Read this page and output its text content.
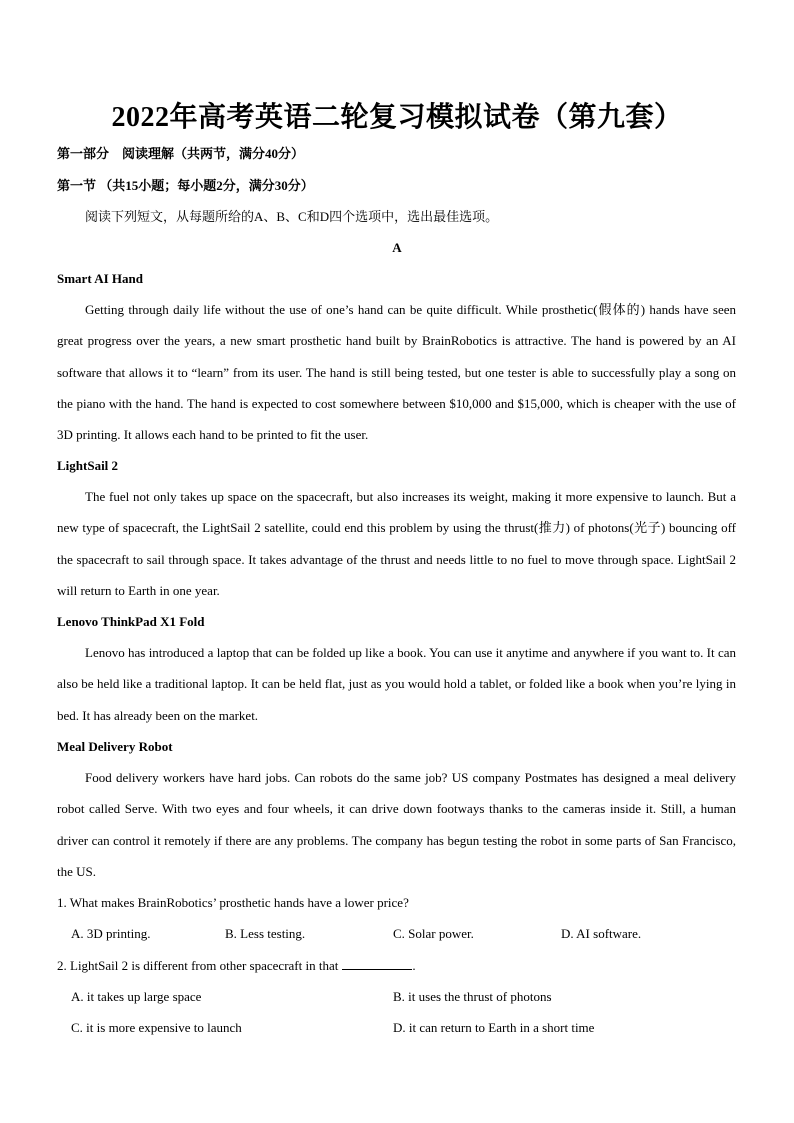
2022年高考英语二轮复习模拟试卷（第九套）
第一部分　阅读理解（共两节，满分40分）
第一节 （共15小题；每小题2分，满分30分）
阅读下列短文，从每题所给的A、B、C和D四个选项中，选出最佳选项。
A
Smart AI Hand

Getting through daily life without the use of one’s hand can be quite difficult. While prosthetic(假体的) hands have seen great progress over the years, a new smart prosthetic hand built by BrainRobotics is attractive. The hand is powered by an AI software that allows it to “learn” from its user. The hand is still being tested, but one tester is able to successfully play a song on the piano with the hand. The hand is expected to cost somewhere between $10,000 and $15,000, which is cheaper with the use of 3D printing. It allows each hand to be printed to fit the user.

LightSail 2

The fuel not only takes up space on the spacecraft, but also increases its weight, making it more expensive to launch. But a new type of spacecraft, the LightSail 2 satellite, could end this problem by using the thrust(推力) of photons(光子) bouncing off the spacecraft to sail through space. It takes advantage of the thrust and needs little to no fuel to move through space. LightSail 2 will return to Earth in one year.

Lenovo ThinkPad X1 Fold

Lenovo has introduced a laptop that can be folded up like a book. You can use it anytime and anywhere if you want to. It can also be held like a traditional laptop. It can be held flat, just as you would hold a tablet, or folded like a book when you’re lying in bed. It has already been on the market.

Meal Delivery Robot

Food delivery workers have hard jobs. Can robots do the same job? US company Postmates has designed a meal delivery robot called Serve. With two eyes and four wheels, it can drive down footways thanks to the cameras inside it. Still, a human driver can control it remotely if there are any problems. The company has begun testing the robot in some parts of San Francisco, the US.

1. What makes BrainRobotics’ prosthetic hands have a lower price?
A. 3D printing.	B. Less testing.	C. Solar power.	D. AI software.
2. LightSail 2 is different from other spacecraft in that	.
A. it takes up large space	B. it uses the thrust of photons
C. it is more expensive to launch	D. it can return to Earth in a short time
